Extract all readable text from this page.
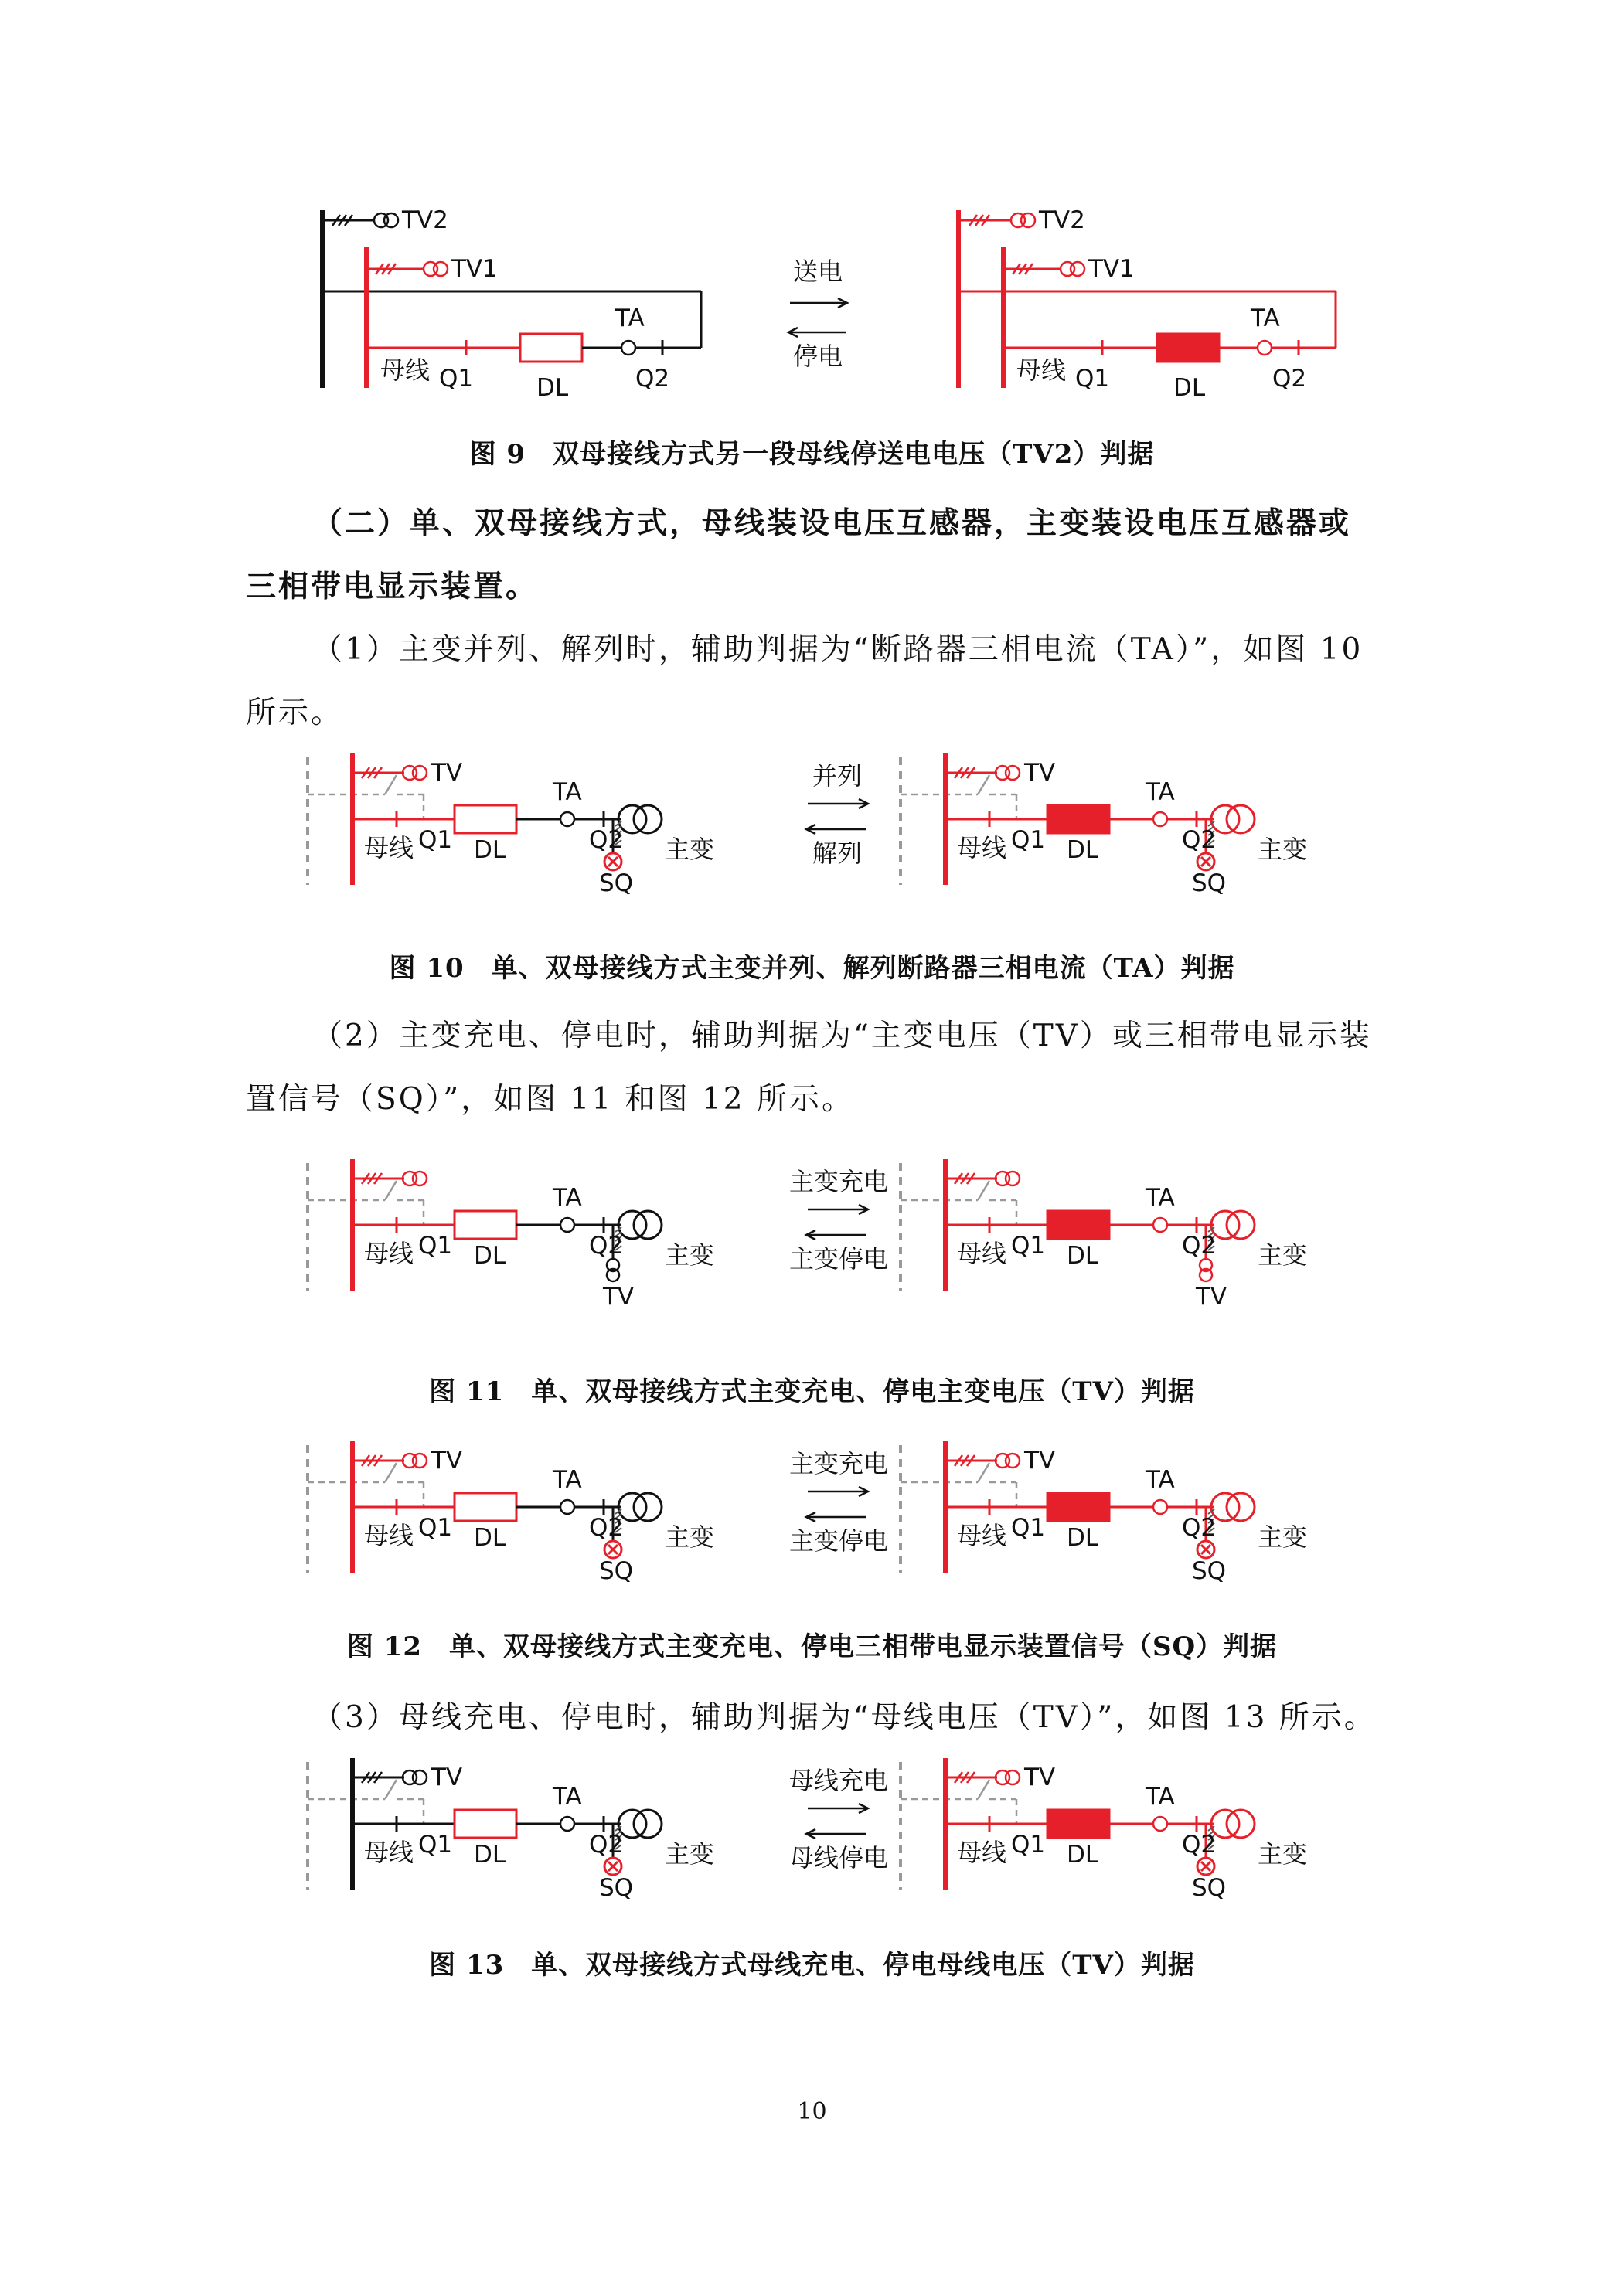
TV2
TV1
TA
母线 Q1	DL	Q2
送电
停电
TV2
TV1
TA
母线 Q1	DL	Q2
图 9　双母接线方式另一段母线停送电电压（TV2）判据
（二）单、双母接线方式，母线装设电压互感器，主变装设电压互感器或
三相带电显示装置。
（1）主变并列、解列时，辅助判据为“断路器三相电流（TA）”，如图 10
所示。
TV
SQ
TA
母线 Q1 DL	Q2 主变
并列
解列
TV
SQ
TA
母线 Q1 DL	Q2 主变
图 10　单、双母接线方式主变并列、解列断路器三相电流（TA）判据
（2）主变充电、停电时，辅助判据为“主变电压（TV）或三相带电显示装
置信号（SQ）”，如图 11 和图 12 所示。
TV
TA
母线 Q1 DL	Q2 主变
主变充电
主变停电
TV
TA
母线 Q1 DL	Q2 主变
图 11　单、双母接线方式主变充电、停电主变电压（TV）判据
TV
SQ
TA
母线 Q1 DL	Q2 主变
主变充电
主变停电
TV
SQ
TA
母线 Q1 DL	Q2 主变
图 12　单、双母接线方式主变充电、停电三相带电显示装置信号（SQ）判据
（3）母线充电、停电时，辅助判据为“母线电压（TV）”，如图 13 所示。
TV
SQ
TA
母线 Q1 DL	Q2 主变
母线充电
母线停电
TV
SQ
TA
母线 Q1 DL	Q2 主变
图 13　单、双母接线方式母线充电、停电母线电压（TV）判据
10
